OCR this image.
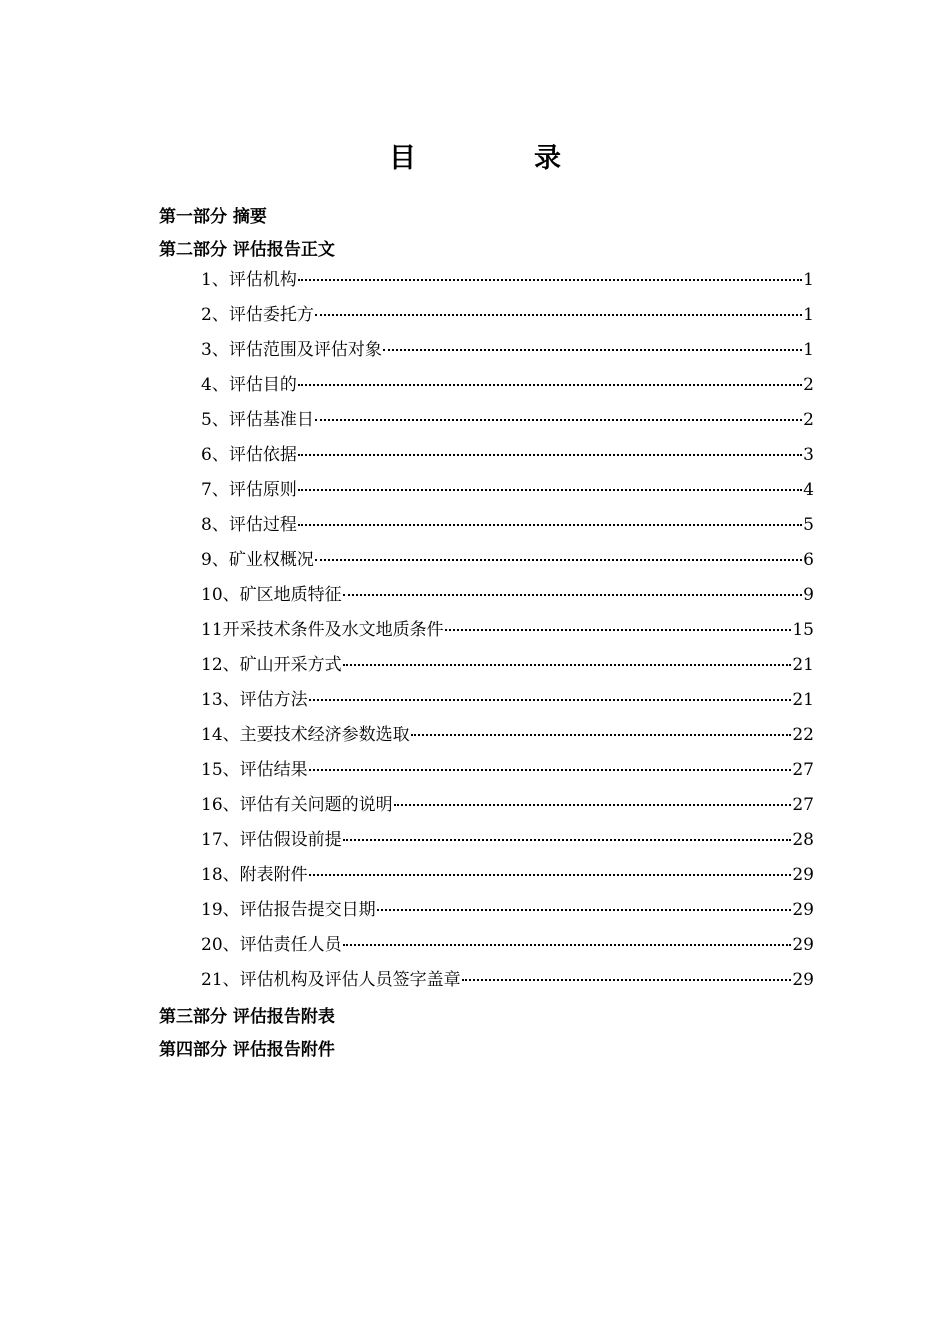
目	录
第一部分 摘要
第二部分 评估报告正文
1、评估机构	1
2、评估委托方	1
3、评估范围及评估对象	1
4、评估目的	2
5、评估基准日	2
6、评估依据	3
7、评估原则	4
8、评估过程	5
9、矿业权概况	6
10、矿区地质特征	9
11开采技术条件及水文地质条件	15
12、矿山开采方式	21
13、评估方法	21
14、主要技术经济参数选取	22
15、评估结果	27
16、评估有关问题的说明	27
17、评估假设前提	28
18、附表附件	29
19、评估报告提交日期	29
20、评估责任人员	29
21、评估机构及评估人员签字盖章	29
第三部分 评估报告附表
第四部分 评估报告附件
